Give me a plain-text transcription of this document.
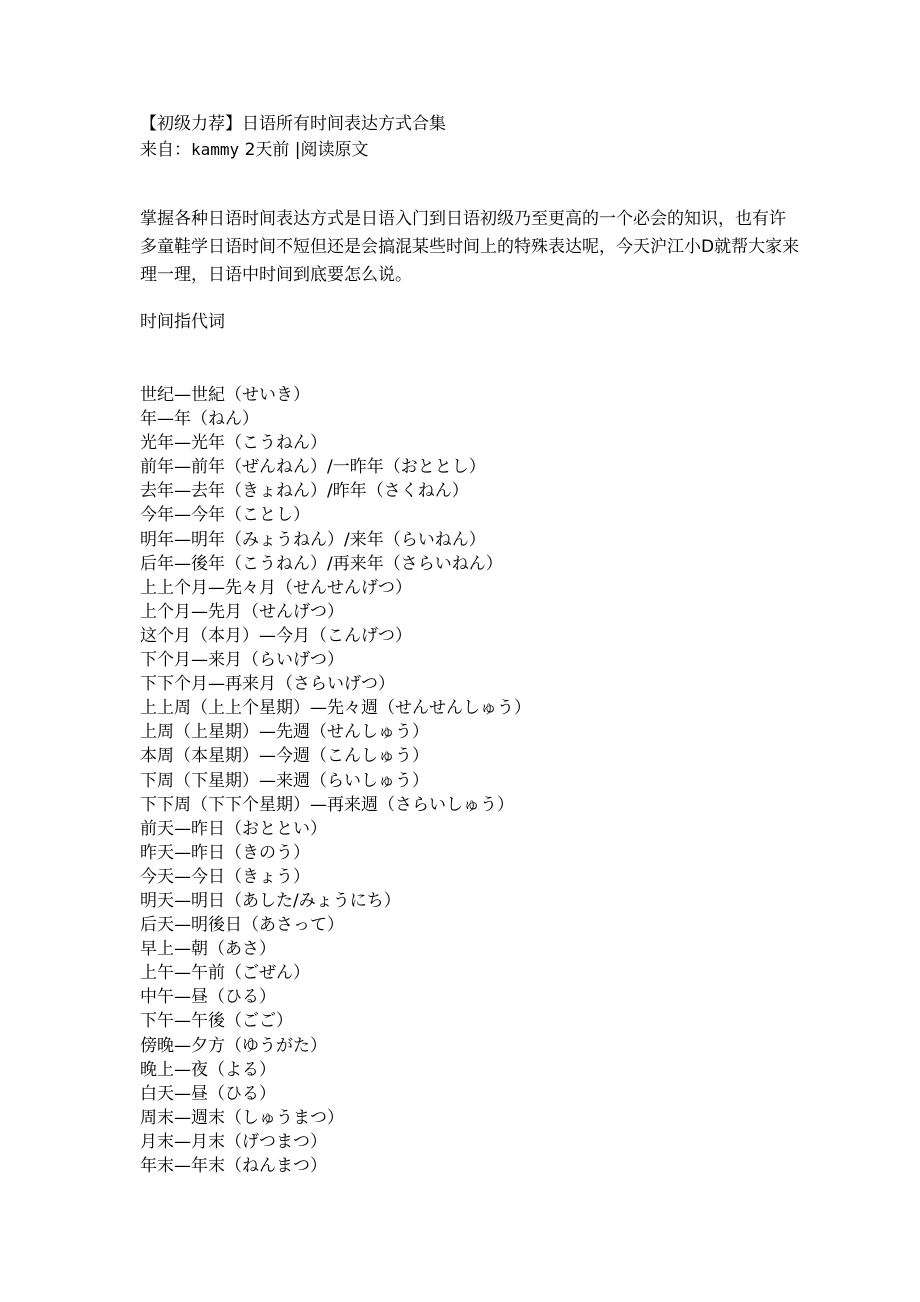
【初级力荐】日语所有时间表达方式合集

来自：kammy 2天前 |阅读原文

掌握各种日语时间表达方式是日语入门到日语初级乃至更高的一个必会的知识，也有许多童鞋学日语时间不短但还是会搞混某些时间上的特殊表达呢，今天沪江小D就帮大家来理一理，日语中时间到底要怎么说。

时间指代词

世纪—世紀（せいき）
年—年（ねん）
光年—光年（こうねん）
前年—前年（ぜんねん）/一昨年（おととし）
去年—去年（きょねん）/昨年（さくねん）
今年—今年（ことし）
明年—明年（みょうねん）/来年（らいねん）
后年—後年（こうねん）/再来年（さらいねん）
上上个月—先々月（せんせんげつ）
上个月—先月（せんげつ）
这个月（本月）—今月（こんげつ）
下个月—来月（らいげつ）
下下个月—再来月（さらいげつ）
上上周（上上个星期）—先々週（せんせんしゅう）
上周（上星期）—先週（せんしゅう）
本周（本星期）—今週（こんしゅう）
下周（下星期）—来週（らいしゅう）
下下周（下下个星期）—再来週（さらいしゅう）
前天—昨日（おととい）
昨天—昨日（きのう）
今天—今日（きょう）
明天—明日（あした/みょうにち）
后天—明後日（あさって）
早上—朝（あさ）
上午—午前（ごぜん）
中午—昼（ひる）
下午—午後（ごご）
傍晚—夕方（ゆうがた）
晚上—夜（よる）
白天—昼（ひる）
周末—週末（しゅうまつ）
月末—月末（げつまつ）
年末—年末（ねんまつ）
